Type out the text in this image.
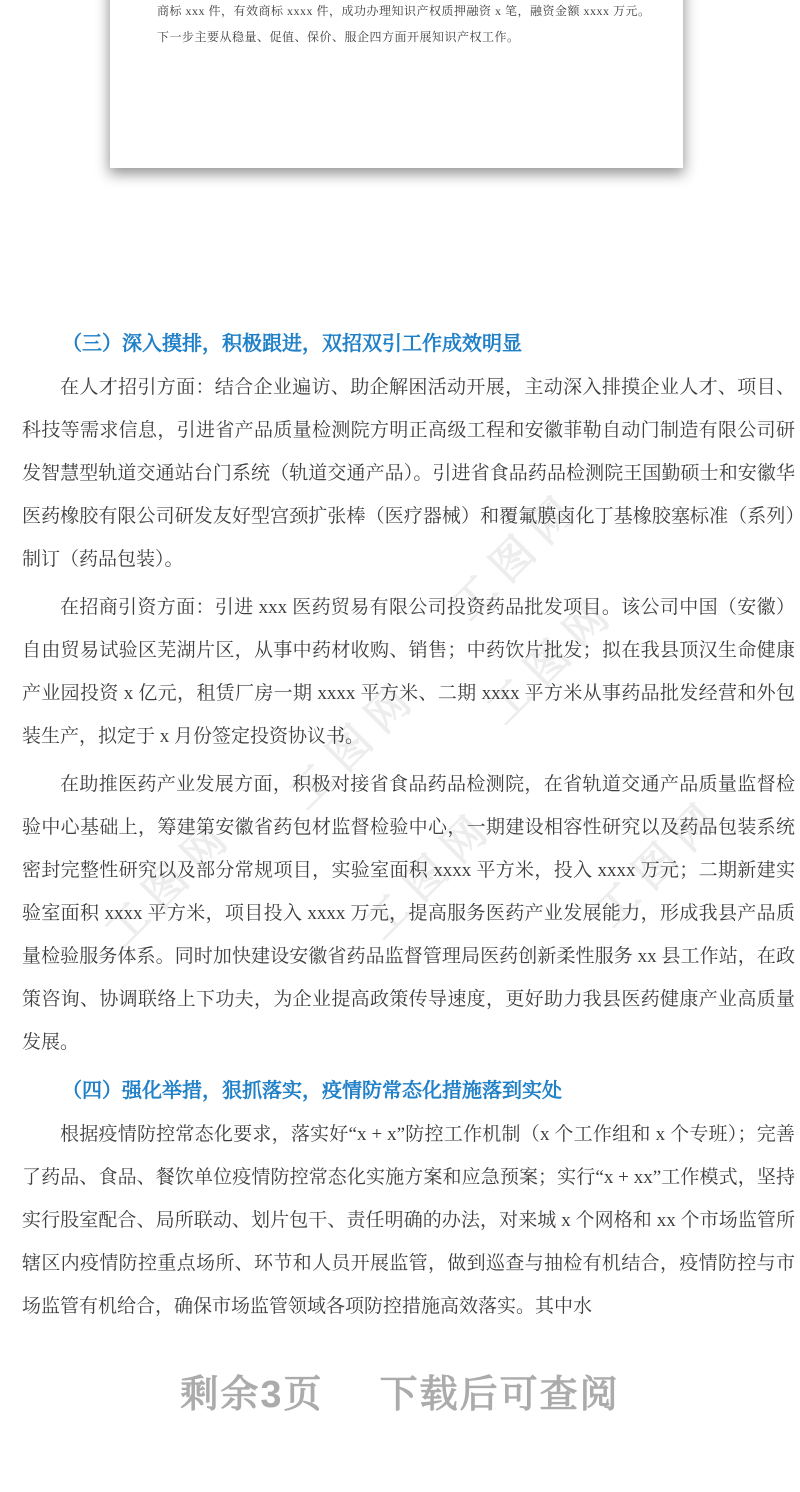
商标 xxx 件，有效商标 xxxx 件，成功办理知识产权质押融资 x 笔，融资金额 xxxx 万元。

下一步主要从稳量、促值、保价、服企四方面开展知识产权工作。

工图网
工图网
工图网
工图网	工图网 工图网
（三）深入摸排，积极跟进，双招双引工作成效明显

在人才招引方面：结合企业遍访、助企解困活动开展，主动深入排摸企业人才、项目、科技等需求信息，引进省产品质量检测院方明正高级工程和安徽菲勒自动门制造有限公司研发智慧型轨道交通站台门系统（轨道交通产品）。引进省食品药品检测院王国勤硕士和安徽华医药橡胶有限公司研发友好型宫颈扩张棒（医疗器械）和覆氟膜卤化丁基橡胶塞标准（系列）制订（药品包装）。

在招商引资方面：引进 xxx 医药贸易有限公司投资药品批发项目。该公司中国（安徽）自由贸易试验区芜湖片区，从事中药材收购、销售；中药饮片批发；拟在我县顶汉生命健康产业园投资 x 亿元，租赁厂房一期 xxxx 平方米、二期 xxxx 平方米从事药品批发经营和外包装生产，拟定于 x 月份签定投资协议书。

在助推医药产业发展方面，积极对接省食品药品检测院，在省轨道交通产品质量监督检验中心基础上，筹建第安徽省药包材监督检验中心，一期建设相容性研究以及药品包装系统密封完整性研究以及部分常规项目，实验室面积 xxxx 平方米，投入 xxxx 万元；二期新建实验室面积 xxxx 平方米，项目投入 xxxx 万元，提高服务医药产业发展能力，形成我县产品质量检验服务体系。同时加快建设安徽省药品监督管理局医药创新柔性服务 xx 县工作站，在政策咨询、协调联络上下功夫，为企业提高政策传导速度，更好助力我县医药健康产业高质量发展。

（四）强化举措，狠抓落实，疫情防常态化措施落到实处

根据疫情防控常态化要求，落实好“x + x”防控工作机制（x 个工作组和 x 个专班）；完善了药品、食品、餐饮单位疫情防控常态化实施方案和应急预案；实行“x + xx”工作模式，坚持实行股室配合、局所联动、划片包干、责任明确的办法，对来城 x 个网格和 xx 个市场监管所辖区内疫情防控重点场所、环节和人员开展监管，做到巡查与抽检有机结合，疫情防控与市场监管有机给合，确保市场监管领域各项防控措施高效落实。其中水

剩余3页 下载后可查阅
